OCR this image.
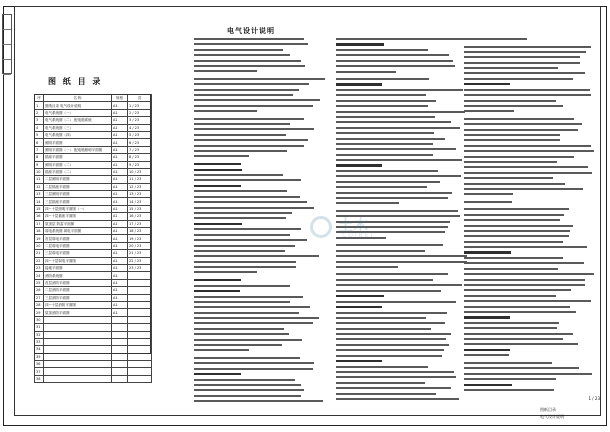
图 纸 目 录
序	名 称	规格	页
1	图纸目录 电气设计说明	A1	1 / 23
2	电气系统图（一）	A1	2 / 23
3	电气系统图（二） 配电箱系统	A1	3 / 23
4	电气系统图（三）	A1	4 / 23
5	电气系统图（四）	A1	5 / 23
6	照明平面图	A1	6 / 23
7	照明平面图（一） 配电箱照明平面图	A1	7 / 23
8	插座平面图	A1	8 / 23
9	照明平面图（二）	A1	9 / 23
10	插座平面图（二）	A1	10 / 23
11	二层照明平面图	A1	11 / 23
12	二层插座平面图	A1	12 / 23
13	三层照明平面图	A1	13 / 23
14	三层插座平面图	A1	14 / 23
15	四~十层照明平面图（一）	A1	15 / 23
16	四~十层插座平面图	A1	16 / 23
17	屋顶层 防雷平面图	A1	17 / 23
18	弱电系统图 弱电平面图	A1	18 / 23
19	首层弱电平面图	A1	19 / 23
20	二层弱电平面图	A1	20 / 23
21	三层弱电平面图	A1	21 / 23
22	四~十层弱电平面图	A1	22 / 23
23	接地平面图	A1	23 / 23
24	消防系统图	A1	
25	首层消防平面图	A1	
26	二层消防平面图	A1	
27	三层消防平面图	A1	
28	四~十层消防平面图	A1	
29	屋顶消防平面图	A1	
30			
31			
32			
33			
34			
35			
36			
37			
38			
电气设计说明
土木
COIBEI
1 / 23
图纸目录
电气设计说明
